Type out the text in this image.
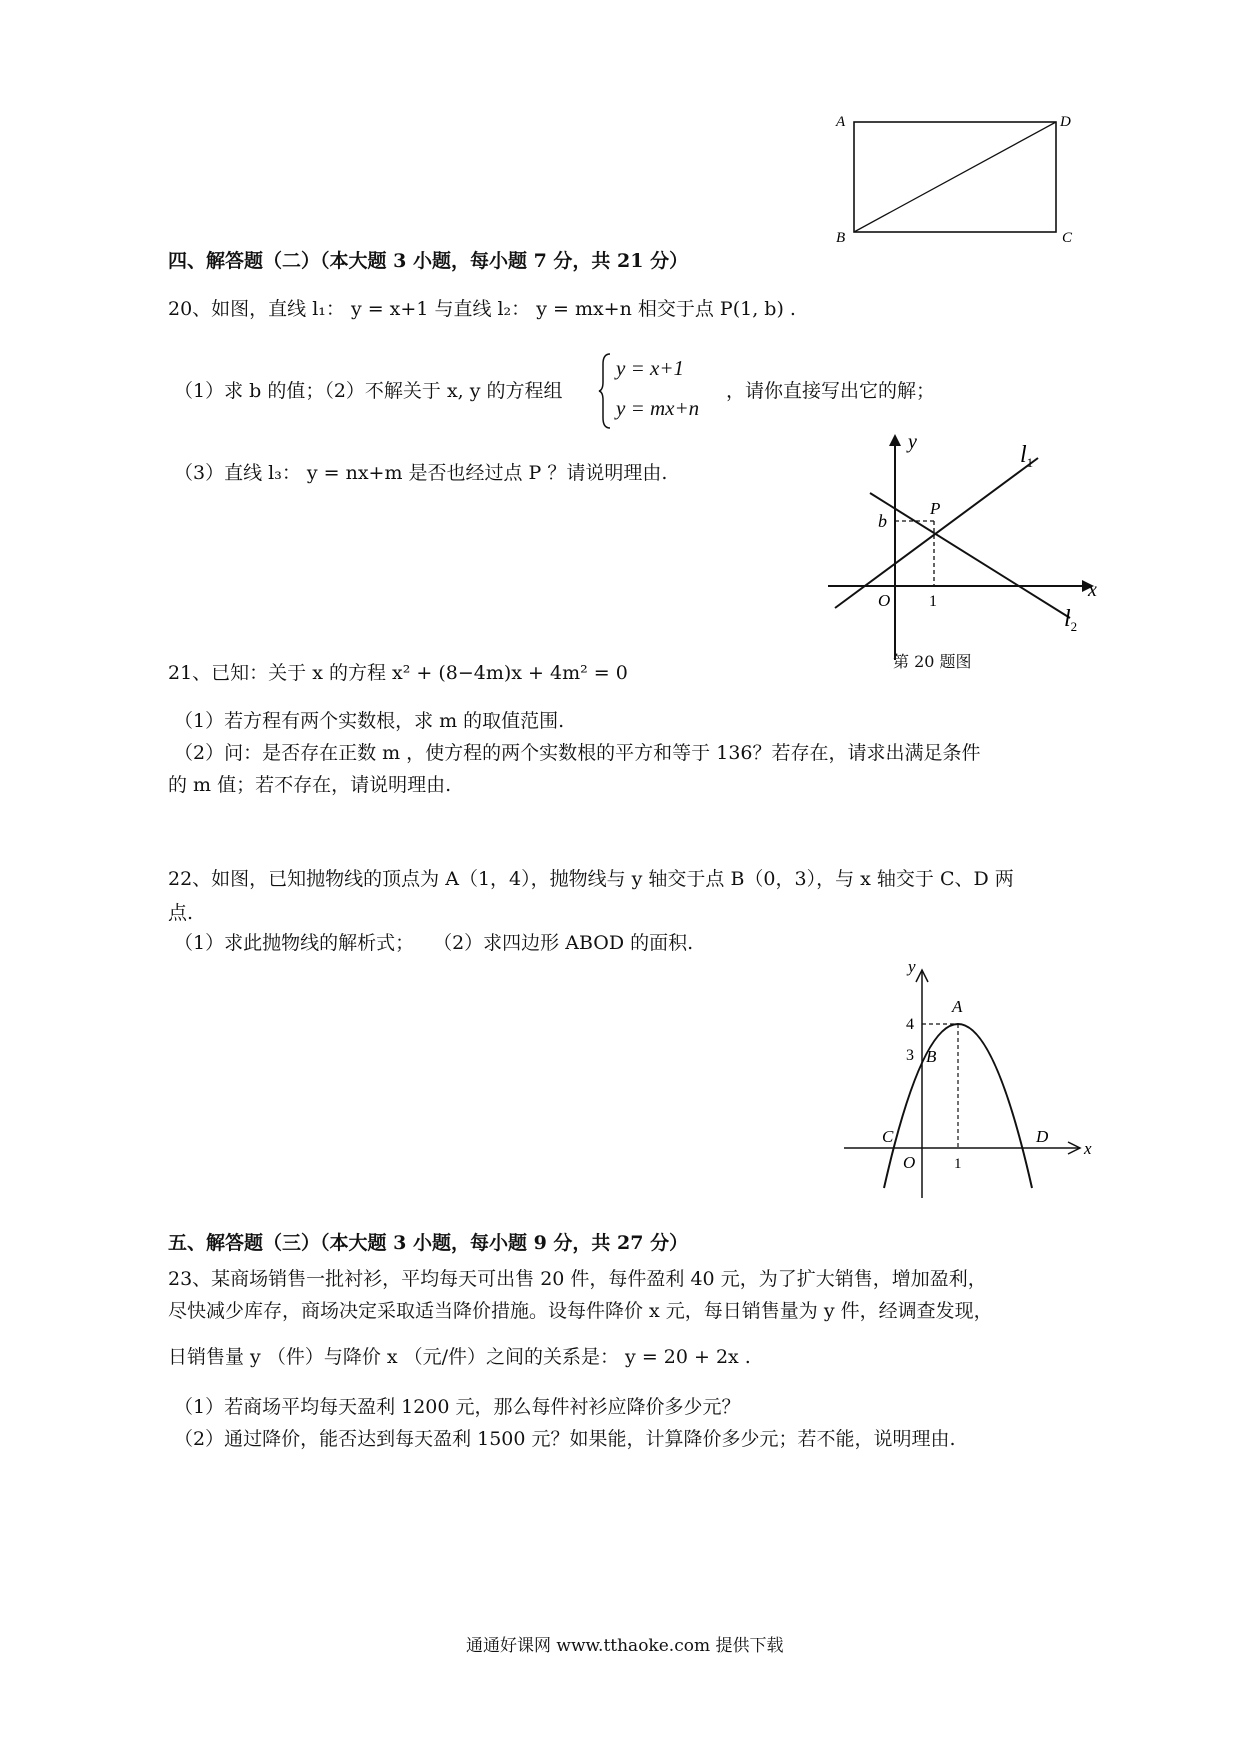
A	D
B	C
四、解答题（二）（本大题 3 小题，每小题 7 分，共 21 分）
20、如图，直线 l₁： y = x+1 与直线 l₂： y = mx+n 相交于点 P(1, b) .
（1）求 b 的值；（2）不解关于 x, y 的方程组
y = x+1
y = mx+n
，请你直接写出它的解；
（3）直线 l₃： y = nx+m 是否也经过点 P ？请说明理由.
y
x
$l_1$
$l_2$
P
b
O 1
第 20 题图
21、已知：关于 x 的方程 x² + (8−4m)x + 4m² = 0
（1）若方程有两个实数根，求 m 的取值范围.
（2）问：是否存在正数 m ，使方程的两个实数根的平方和等于 136？若存在，请求出满足条件
的 m 值；若不存在，请说明理由.
22、如图，已知抛物线的顶点为 A（1，4），抛物线与 y 轴交于点 B（0，3），与 x 轴交于 C、D 两
点.
（1）求此抛物线的解析式；　　（2）求四边形 ABOD 的面积.
y
x
A
B
C	D
O
4
3
1
五、解答题（三）（本大题 3 小题，每小题 9 分，共 27 分）
23、某商场销售一批衬衫，平均每天可出售 20 件，每件盈利 40 元，为了扩大销售，增加盈利，
尽快减少库存，商场决定采取适当降价措施。设每件降价 x 元，每日销售量为 y 件，经调查发现，
日销售量 y （件）与降价 x （元/件）之间的关系是： y = 20 + 2x .
（1）若商场平均每天盈利 1200 元，那么每件衬衫应降价多少元？
（2）通过降价，能否达到每天盈利 1500 元？如果能，计算降价多少元；若不能，说明理由.
通通好课网 www.tthaoke.com 提供下载
